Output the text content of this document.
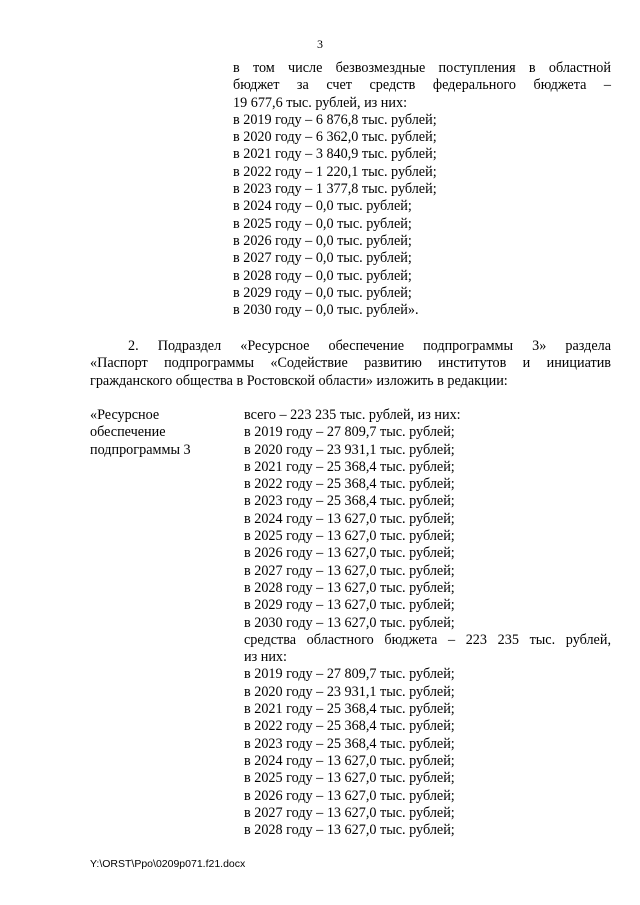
3
в том числе безвозмездные поступления в областной
бюджет за счет средств федерального бюджета –
19 677,6 тыс. рублей, из них:
в 2019 году – 6 876,8 тыс. рублей;
в 2020 году – 6 362,0 тыс. рублей;
в 2021 году – 3 840,9 тыс. рублей;
в 2022 году – 1 220,1 тыс. рублей;
в 2023 году – 1 377,8 тыс. рублей;
в 2024 году – 0,0 тыс. рублей;
в 2025 году – 0,0 тыс. рублей;
в 2026 году – 0,0 тыс. рублей;
в 2027 году – 0,0 тыс. рублей;
в 2028 году – 0,0 тыс. рублей;
в 2029 году – 0,0 тыс. рублей;
в 2030 году – 0,0 тыс. рублей».
2. Подраздел «Ресурсное обеспечение подпрограммы 3» раздела
«Паспорт подпрограммы «Содействие развитию институтов и инициатив
гражданского общества в Ростовской области» изложить в редакции:
«Ресурсное
обеспечение
подпрограммы 3
всего – 223 235 тыс. рублей, из них:
в 2019 году – 27 809,7 тыс. рублей;
в 2020 году – 23 931,1 тыс. рублей;
в 2021 году – 25 368,4 тыс. рублей;
в 2022 году – 25 368,4 тыс. рублей;
в 2023 году – 25 368,4 тыс. рублей;
в 2024 году – 13 627,0 тыс. рублей;
в 2025 году – 13 627,0 тыс. рублей;
в 2026 году – 13 627,0 тыс. рублей;
в 2027 году – 13 627,0 тыс. рублей;
в 2028 году – 13 627,0 тыс. рублей;
в 2029 году – 13 627,0 тыс. рублей;
в 2030 году – 13 627,0 тыс. рублей;
средства областного бюджета – 223 235 тыс. рублей,
из них:
в 2019 году – 27 809,7 тыс. рублей;
в 2020 году – 23 931,1 тыс. рублей;
в 2021 году – 25 368,4 тыс. рублей;
в 2022 году – 25 368,4 тыс. рублей;
в 2023 году – 25 368,4 тыс. рублей;
в 2024 году – 13 627,0 тыс. рублей;
в 2025 году – 13 627,0 тыс. рублей;
в 2026 году – 13 627,0 тыс. рублей;
в 2027 году – 13 627,0 тыс. рублей;
в 2028 году – 13 627,0 тыс. рублей;
Y:\ORST\Ppo\0209p071.f21.docx
